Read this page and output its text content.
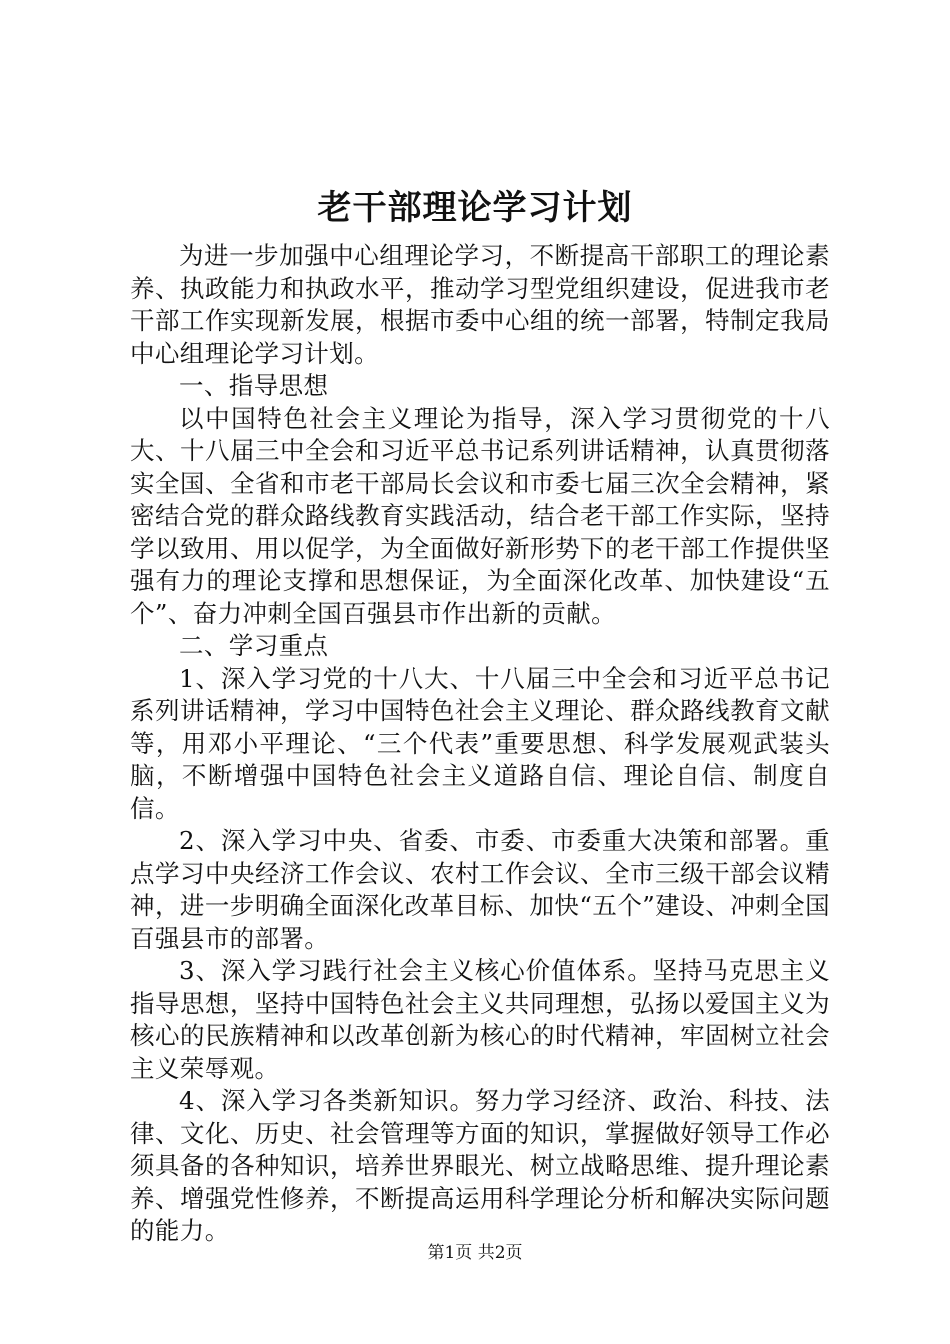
老干部理论学习计划

为进一步加强中心组理论学习，不断提高干部职工的理论素养、执政能力和执政水平，推动学习型党组织建设，促进我市老干部工作实现新发展，根据市委中心组的统一部署，特制定我局中心组理论学习计划。

一、指导思想

以中国特色社会主义理论为指导，深入学习贯彻党的十八大、十八届三中全会和习近平总书记系列讲话精神，认真贯彻落实全国、全省和市老干部局长会议和市委七届三次全会精神，紧密结合党的群众路线教育实践活动，结合老干部工作实际，坚持学以致用、用以促学，为全面做好新形势下的老干部工作提供坚强有力的理论支撑和思想保证，为全面深化改革、加快建设“五个”、奋力冲刺全国百强县市作出新的贡献。

二、学习重点

1、深入学习党的十八大、十八届三中全会和习近平总书记系列讲话精神，学习中国特色社会主义理论、群众路线教育文献等，用邓小平理论、“三个代表”重要思想、科学发展观武装头脑，不断增强中国特色社会主义道路自信、理论自信、制度自信。

2、深入学习中央、省委、市委、市委重大决策和部署。重点学习中央经济工作会议、农村工作会议、全市三级干部会议精神，进一步明确全面深化改革目标、加快“五个”建设、冲刺全国百强县市的部署。

3、深入学习践行社会主义核心价值体系。坚持马克思主义指导思想，坚持中国特色社会主义共同理想，弘扬以爱国主义为核心的民族精神和以改革创新为核心的时代精神，牢固树立社会主义荣辱观。

4、深入学习各类新知识。努力学习经济、政治、科技、法律、文化、历史、社会管理等方面的知识，掌握做好领导工作必须具备的各种知识，培养世界眼光、树立战略思维、提升理论素养、增强党性修养，不断提高运用科学理论分析和解决实际问题的能力。

第1页 共2页
